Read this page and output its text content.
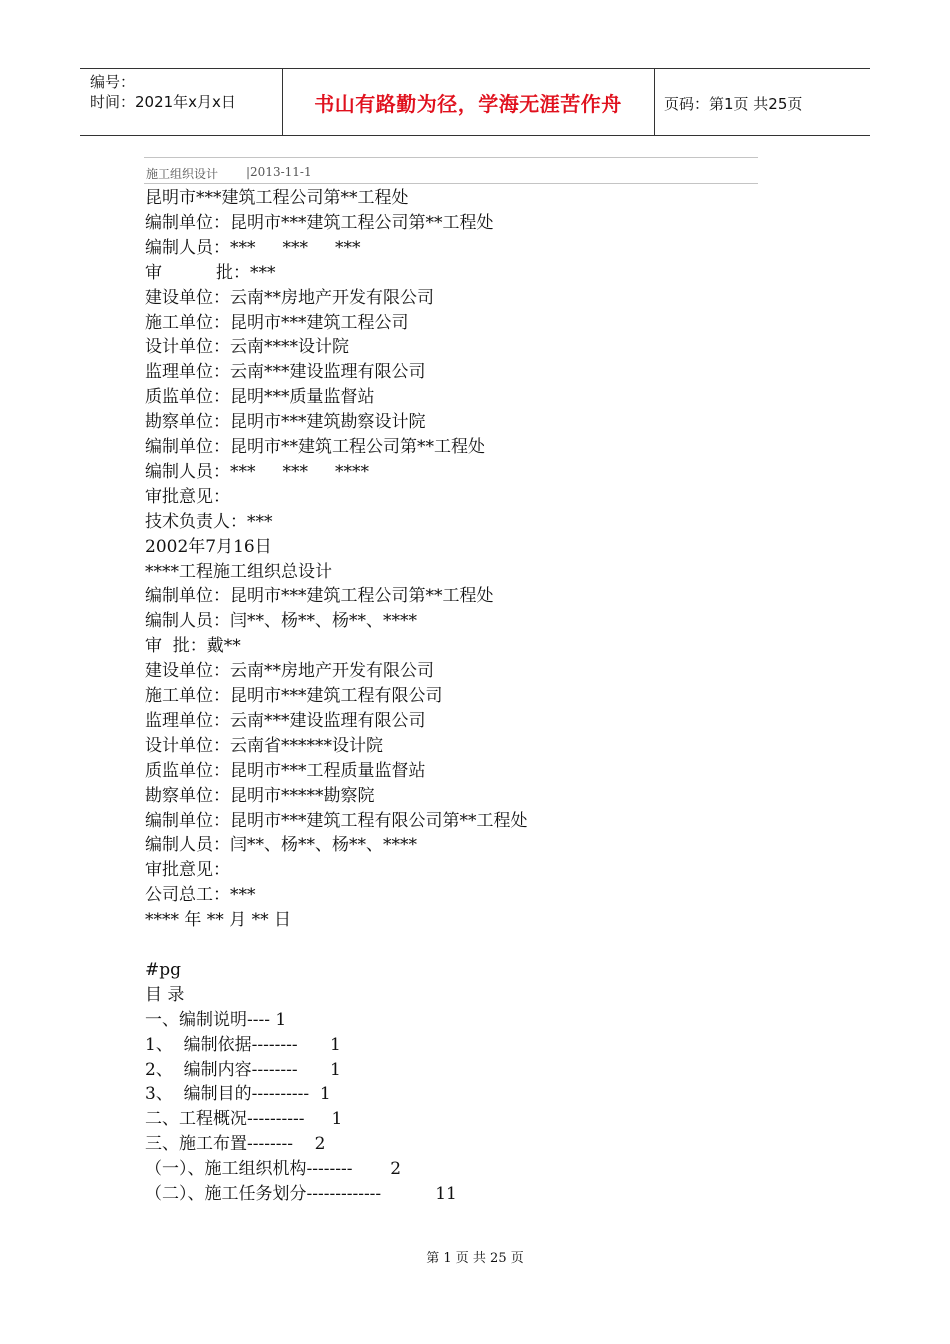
编号：
时间：2021年x月x日	书山有路勤为径，学海无涯苦作舟	页码：第1页 共25页
施工组织设计 |2013-11-1
昆明市***建筑工程公司第**工程处
编制单位：昆明市***建筑工程公司第**工程处
编制人员：***     ***     ***
审          批：***
建设单位：云南**房地产开发有限公司
施工单位：昆明市***建筑工程公司
设计单位：云南****设计院
监理单位：云南***建设监理有限公司
质监单位：昆明***质量监督站
勘察单位：昆明市***建筑勘察设计院
编制单位：昆明市**建筑工程公司第**工程处
编制人员：***     ***     ****
审批意见：
技术负责人：***
2002年7月16日
****工程施工组织总设计
编制单位：昆明市***建筑工程公司第**工程处
编制人员：闫**、杨**、杨**、****
审  批：戴**
建设单位：云南**房地产开发有限公司
施工单位：昆明市***建筑工程有限公司
监理单位：云南***建设监理有限公司
设计单位：云南省******设计院
质监单位：昆明市***工程质量监督站
勘察单位：昆明市*****勘察院
编制单位：昆明市***建筑工程有限公司第**工程处
编制人员：闫**、杨**、杨**、****
审批意见：
公司总工：***
**** 年 ** 月 ** 日
#pg
目 录
一、编制说明---- 1
1、  编制依据--------      1
2、  编制内容--------      1
3、  编制目的----------  1
二、工程概况----------     1
三、施工布置--------    2
（一）、施工组织机构--------       2
（二）、施工任务划分-------------          11
第 1 页 共 25 页
